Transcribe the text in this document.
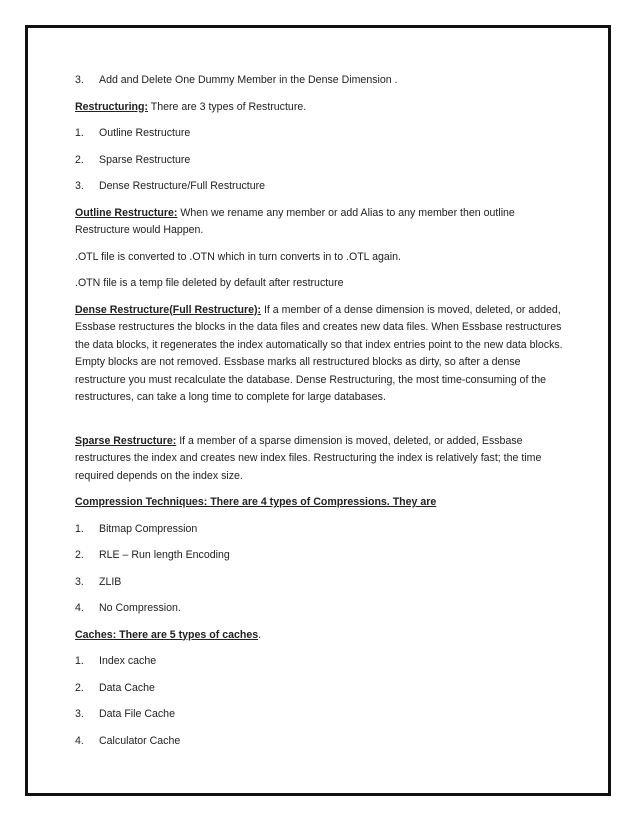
3.	Add and Delete One Dummy Member in the Dense Dimension .

Restructuring: There are 3 types of Restructure.

1.	Outline Restructure
2.	Sparse Restructure
3.	Dense Restructure/Full Restructure

Outline Restructure: When we rename any member or add Alias to any member then outline Restructure would Happen.

.OTL file is converted to .OTN which in turn converts in to .OTL again.

.OTN file is a temp file deleted by default after restructure

Dense Restructure(Full Restructure): If a member of a dense dimension is moved, deleted, or added, Essbase restructures the blocks in the data files and creates new data files. When Essbase restructures the data blocks, it regenerates the index automatically so that index entries point to the new data blocks. Empty blocks are not removed. Essbase marks all restructured blocks as dirty, so after a dense restructure you must recalculate the database. Dense Restructuring, the most time-consuming of the restructures, can take a long time to complete for large databases.

Sparse Restructure: If a member of a sparse dimension is moved, deleted, or added, Essbase restructures the index and creates new index files. Restructuring the index is relatively fast; the time required depends on the index size.

Compression Techniques: There are 4 types of Compressions. They are

1.	Bitmap Compression
2.	RLE – Run length Encoding
3.	ZLIB
4.	No Compression.

Caches: There are 5 types of caches.

1.	Index cache
2.	Data Cache
3.	Data File Cache
4.	Calculator Cache
